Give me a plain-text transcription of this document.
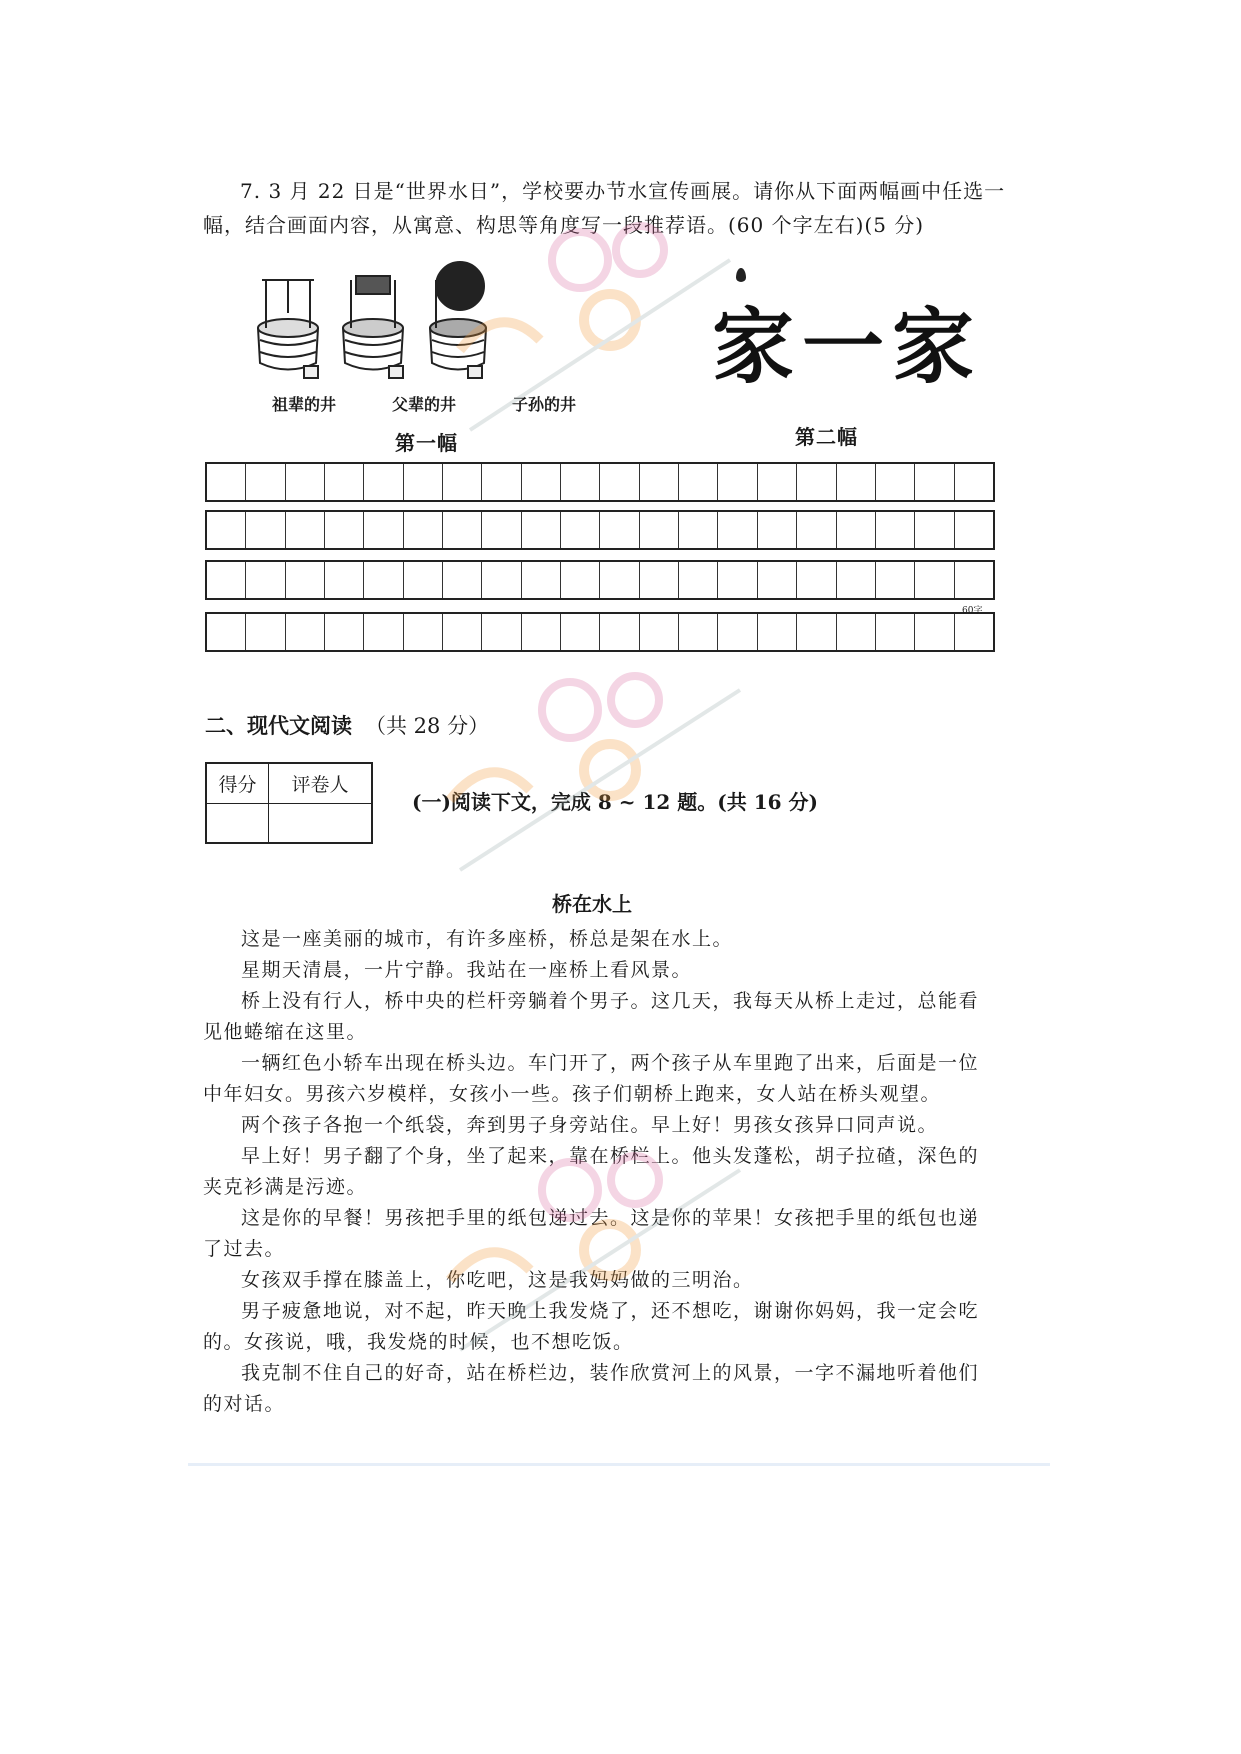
7. 3 月 22 日是“世界水日”，学校要办节水宣传画展。请你从下面两幅画中任选一
幅，结合画面内容，从寓意、构思等角度写一段推荐语。(60 个字左右)(5 分)
祖辈的井	父辈的井	子孙的井
家一家
第一幅	第二幅
60字
二、现代文阅读 （共 28 分）
得分	评卷人
(一)阅读下文，完成 8 ~ 12 题。(共 16 分)
桥在水上

这是一座美丽的城市，有许多座桥，桥总是架在水上。

星期天清晨，一片宁静。我站在一座桥上看风景。

桥上没有行人，桥中央的栏杆旁躺着个男子。这几天，我每天从桥上走过，总能看见他蜷缩在这里。

一辆红色小轿车出现在桥头边。车门开了，两个孩子从车里跑了出来，后面是一位中年妇女。男孩六岁模样，女孩小一些。孩子们朝桥上跑来，女人站在桥头观望。

两个孩子各抱一个纸袋，奔到男子身旁站住。早上好！男孩女孩异口同声说。

早上好！男子翻了个身，坐了起来，靠在桥栏上。他头发蓬松，胡子拉碴，深色的夹克衫满是污迹。

这是你的早餐！男孩把手里的纸包递过去。这是你的苹果！女孩把手里的纸包也递了过去。

女孩双手撑在膝盖上，你吃吧，这是我妈妈做的三明治。

男子疲惫地说，对不起，昨天晚上我发烧了，还不想吃，谢谢你妈妈，我一定会吃的。女孩说，哦，我发烧的时候，也不想吃饭。

我克制不住自己的好奇，站在桥栏边，装作欣赏河上的风景，一字不漏地听着他们的对话。
